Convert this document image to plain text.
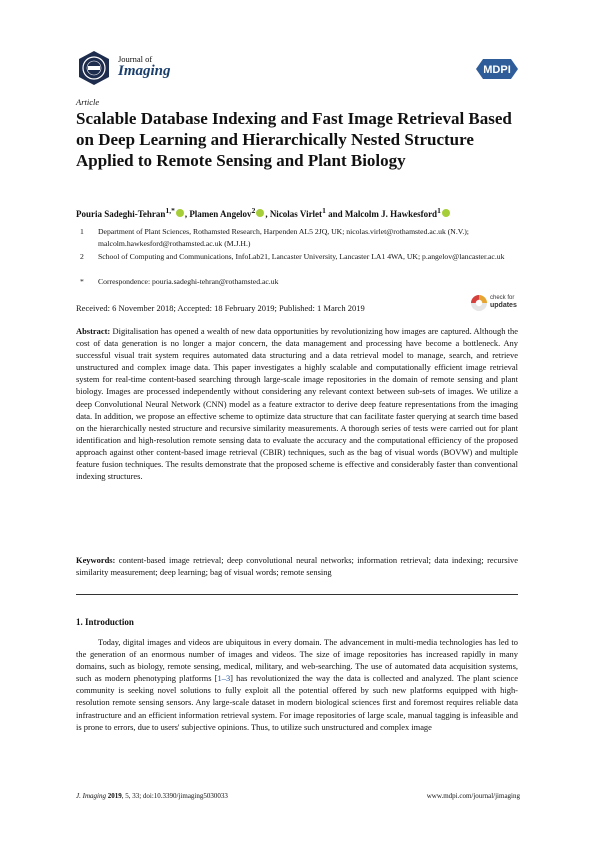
Journal of
Imaging	MDPI
Article
Scalable Database Indexing and Fast Image Retrieval Based on Deep Learning and Hierarchically Nested Structure Applied to Remote Sensing and Plant Biology
Pouria Sadeghi-Tehran$^{1,*}$ , Plamen Angelov$^2$ , Nicolas Virlet$^1$ and Malcolm J. Hawkesford$^1$
1 Department of Plant Sciences, Rothamsted Research, Harpenden AL5 2JQ, UK; nicolas.virlet@rothamsted.ac.uk (N.V.); malcolm.hawkesford@rothamsted.ac.uk (M.J.H.)
2 School of Computing and Communications, InfoLab21, Lancaster University, Lancaster LA1 4WA, UK; p.angelov@lancaster.ac.uk
* Correspondence: pouria.sadeghi-tehran@rothamsted.ac.uk
Received: 6 November 2018; Accepted: 18 February 2019; Published: 1 March 2019
check for
updates
Abstract: Digitalisation has opened a wealth of new data opportunities by revolutionizing how images are captured. Although the cost of data generation is no longer a major concern, the data management and processing have become a bottleneck. Any successful visual trait system requires automated data structuring and a data retrieval model to manage, search, and retrieve unstructured and complex image data. This paper investigates a highly scalable and computationally efficient image retrieval system for real-time content-based searching through large-scale image repositories in the domain of remote sensing and plant biology. Images are processed independently without considering any relevant context between sub-sets of images. We utilize a deep Convolutional Neural Network (CNN) model as a feature extractor to derive deep feature representations from the imaging data. In addition, we propose an effective scheme to optimize data structure that can facilitate faster querying at search time based on the hierarchically nested structure and recursive similarity measurements. A thorough series of tests were carried out for plant identification and high-resolution remote sensing data to evaluate the accuracy and the computational efficiency of the proposed approach against other content-based image retrieval (CBIR) techniques, such as the bag of visual words (BOVW) and multiple feature fusion techniques. The results demonstrate that the proposed scheme is effective and considerably faster than conventional indexing structures.
Keywords: content-based image retrieval; deep convolutional neural networks; information retrieval; data indexing; recursive similarity measurement; deep learning; bag of visual words; remote sensing
1. Introduction
Today, digital images and videos are ubiquitous in every domain. The advancement in multi-media technologies has led to the generation of an enormous number of images and videos. The size of image repositories has increased rapidly in many domains, such as biology, remote sensing, medical, military, and web-searching. The use of automated data acquisition systems, such as modern phenotyping platforms [1–3] has revolutionized the way the data is collected and analyzed. The plant science community is seeking novel solutions to fully exploit all the potential offered by such new platforms equipped with high-resolution remote sensing sensors. Any large-scale dataset in modern biological sciences first and foremost requires reliable data infrastructure and an efficient information retrieval system. For image repositories of large scale, manual tagging is infeasible and is prone to errors, due to users' subjective opinions. Thus, to utilize such unstructured and complex image
J. Imaging 2019, 5, 33; doi:10.3390/jimaging5030033	www.mdpi.com/journal/jimaging
